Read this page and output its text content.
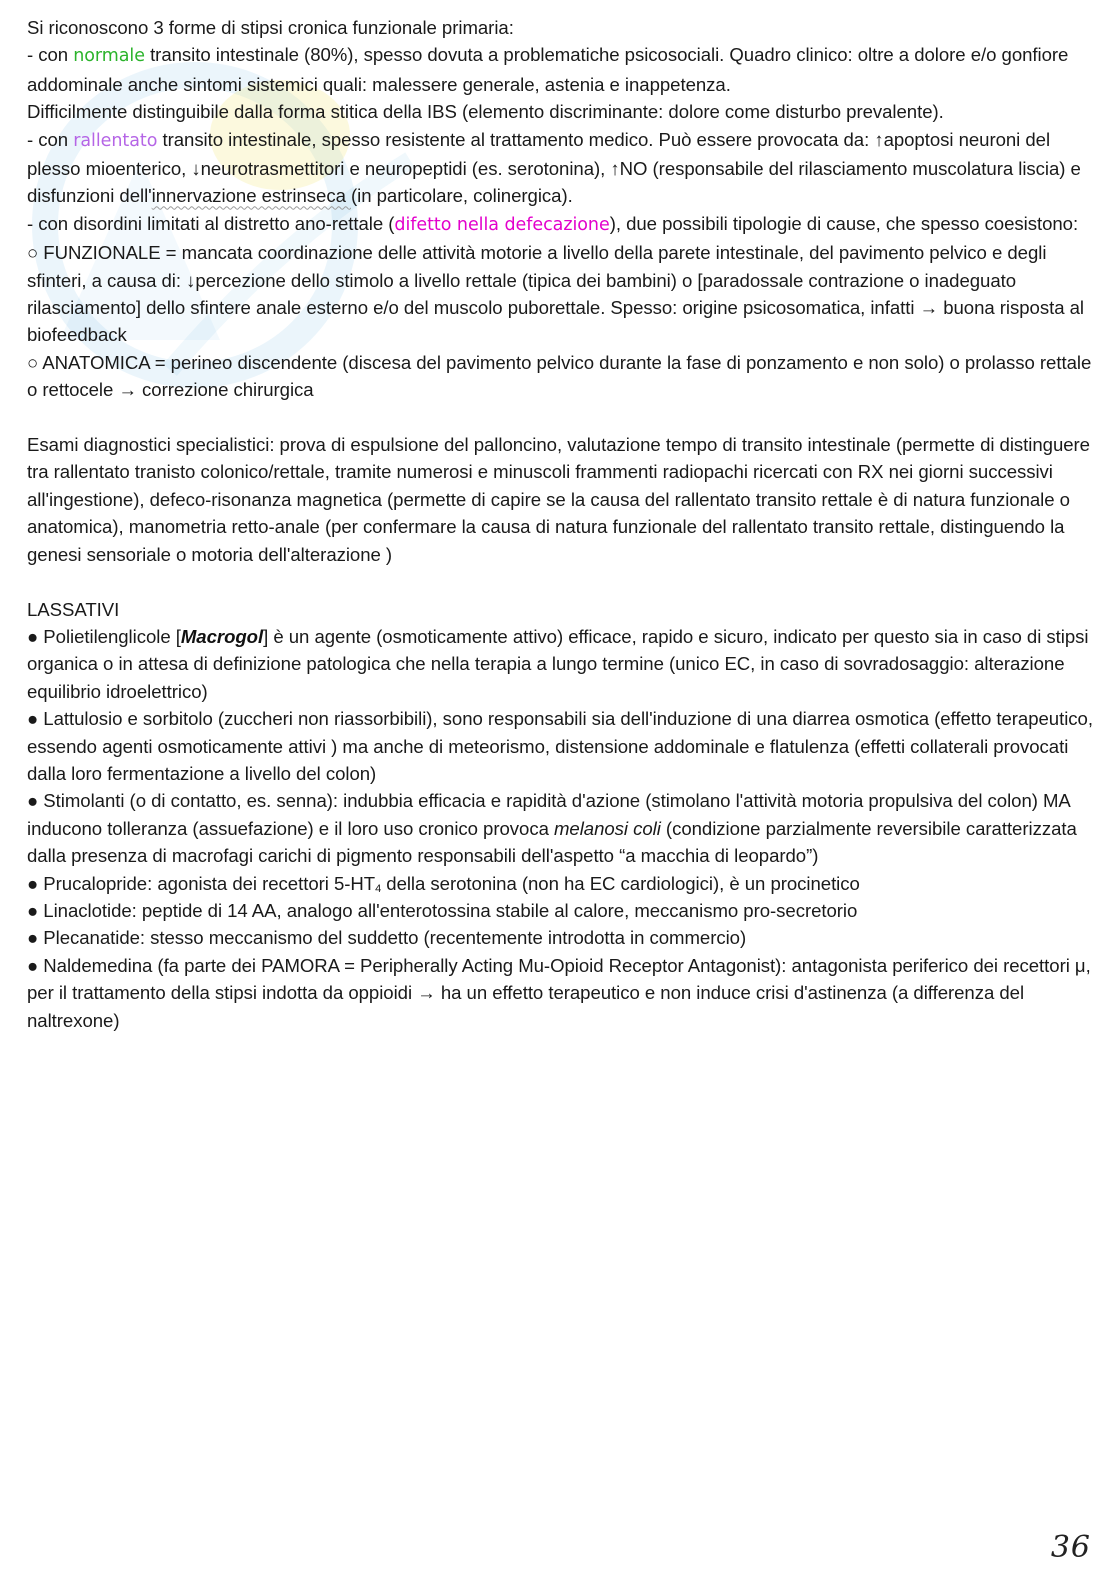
Si riconoscono 3 forme di stipsi cronica funzionale primaria:

- con normale transito intestinale (80%), spesso dovuta a problematiche psicosociali. Quadro clinico: oltre a dolore e/o gonfiore addominale anche sintomi sistemici quali: malessere generale, astenia e inappetenza.

Difficilmente distinguibile dalla forma stitica della IBS (elemento discriminante: dolore come disturbo prevalente).

- con rallentato transito intestinale, spesso resistente al trattamento medico. Può essere provocata da: ↑apoptosi neuroni del plesso mioenterico, ↓neurotrasmettitori e neuropeptidi (es. serotonina), ↑NO (responsabile del rilasciamento muscolatura liscia) e disfunzioni dell'innervazione estrinseca (in particolare, colinergica).

- con disordini limitati al distretto ano-rettale (difetto nella defecazione), due possibili tipologie di cause, che spesso coesistono:

○ FUNZIONALE = mancata coordinazione delle attività motorie a livello della parete intestinale, del pavimento pelvico e degli sfinteri, a causa di: ↓percezione dello stimolo a livello rettale (tipica dei bambini) o [paradossale contrazione o inadeguato rilasciamento] dello sfintere anale esterno e/o del muscolo puborettale. Spesso: origine psicosomatica, infatti → buona risposta al biofeedback

○ ANATOMICA = perineo discendente (discesa del pavimento pelvico durante la fase di ponzamento e non solo) o prolasso rettale o rettocele → correzione chirurgica

Esami diagnostici specialistici: prova di espulsione del palloncino, valutazione tempo di transito intestinale (permette di distinguere tra rallentato tranisto colonico/rettale, tramite numerosi e minuscoli frammenti radiopachi ricercati con RX nei giorni successivi all'ingestione), defeco-risonanza magnetica (permette di capire se la causa del rallentato transito rettale è di natura funzionale o anatomica), manometria retto-anale (per confermare la causa di natura funzionale del rallentato transito rettale, distinguendo la genesi sensoriale o motoria dell'alterazione )

LASSATIVI

● Polietilenglicole [Macrogol] è un agente (osmoticamente attivo) efficace, rapido e sicuro, indicato per questo sia in caso di stipsi organica o in attesa di definizione patologica che nella terapia a lungo termine (unico EC, in caso di sovradosaggio: alterazione equilibrio idroelettrico)

● Lattulosio e sorbitolo (zuccheri non riassorbibili), sono responsabili sia dell'induzione di una diarrea osmotica (effetto terapeutico, essendo agenti osmoticamente attivi ) ma anche di meteorismo, distensione addominale e flatulenza (effetti collaterali provocati dalla loro fermentazione a livello del colon)

● Stimolanti (o di contatto, es. senna): indubbia efficacia e rapidità d'azione (stimolano l'attività motoria propulsiva del colon) MA inducono tolleranza (assuefazione) e il loro uso cronico provoca melanosi coli (condizione parzialmente reversibile caratterizzata dalla presenza di macrofagi carichi di pigmento responsabili dell'aspetto “a macchia di leopardo”)

● Prucalopride: agonista dei recettori $5-HT_4$ della serotonina (non ha EC cardiologici), è un procinetico

● Linaclotide: peptide di 14 AA, analogo all'enterotossina stabile al calore, meccanismo pro-secretorio

● Plecanatide: stesso meccanismo del suddetto (recentemente introdotta in commercio)

● Naldemedina (fa parte dei PAMORA = Peripherally Acting Mu-Opioid Receptor Antagonist): antagonista periferico dei recettori μ, per il trattamento della stipsi indotta da oppioidi → ha un effetto terapeutico e non induce crisi d'astinenza (a differenza del naltrexone)

36
